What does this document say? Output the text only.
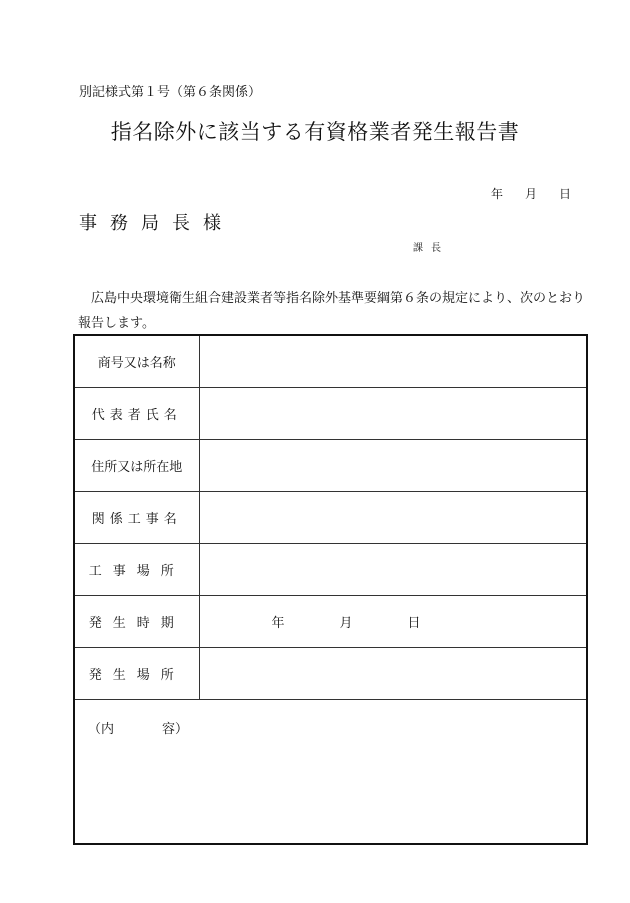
別記様式第１号（第６条関係）
指名除外に該当する有資格業者発生報告書
年 月 日
事務局長様
課長
広島中央環境衛生組合建設業者等指名除外基準要綱第６条の規定により、次のとおり報告します。
商号又は名称	
代表者氏名	
住所又は所在地	
関係工事名	
工事場所	
発生時期	年 月 日

発生場所	

（内 容）	
